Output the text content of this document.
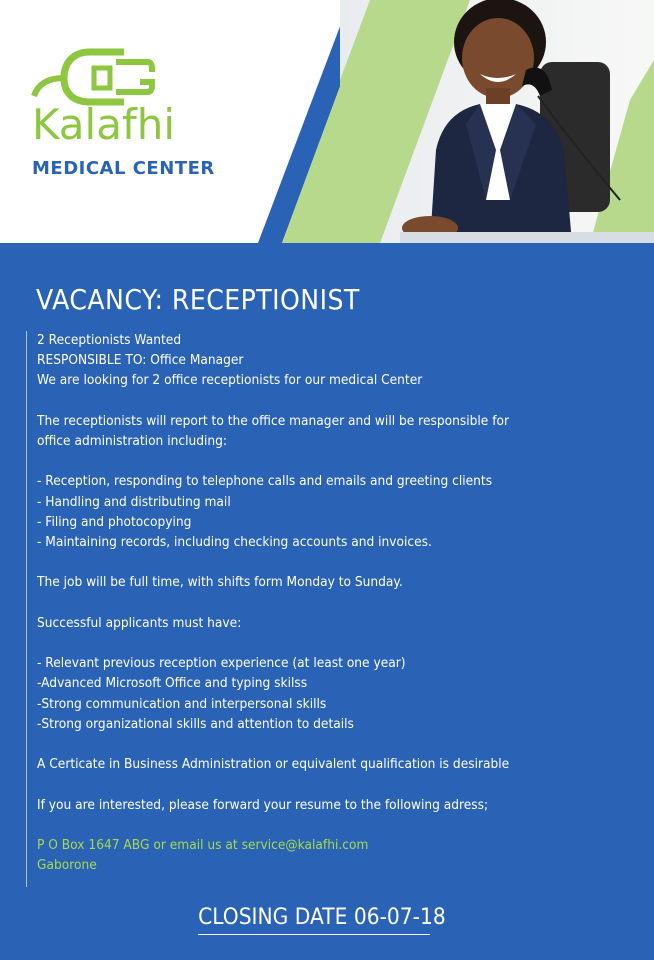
Kalafhi
MEDICAL CENTER
VACANCY: RECEPTIONIST
2 Receptionists Wanted
RESPONSIBLE TO: Office Manager
We are looking for 2 office receptionists for our medical Center
The receptionists will report to the office manager and will be responsible for
office administration including:
- Reception, responding to telephone calls and emails and greeting clients
- Handling and distributing mail
- Filing and photocopying
- Maintaining records, including checking accounts and invoices.
The job will be full time, with shifts form Monday to Sunday.
Successful applicants must have:
- Relevant previous reception experience (at least one year)
-Advanced Microsoft Office and typing skilss
-Strong communication and interpersonal skills
-Strong organizational skills and attention to details
A Certicate in Business Administration or equivalent qualification is desirable
If you are interested, please forward your resume to the following adress;
P O Box 1647 ABG or email us at service@kalafhi.com
Gaborone
CLOSING DATE 06-07-18
